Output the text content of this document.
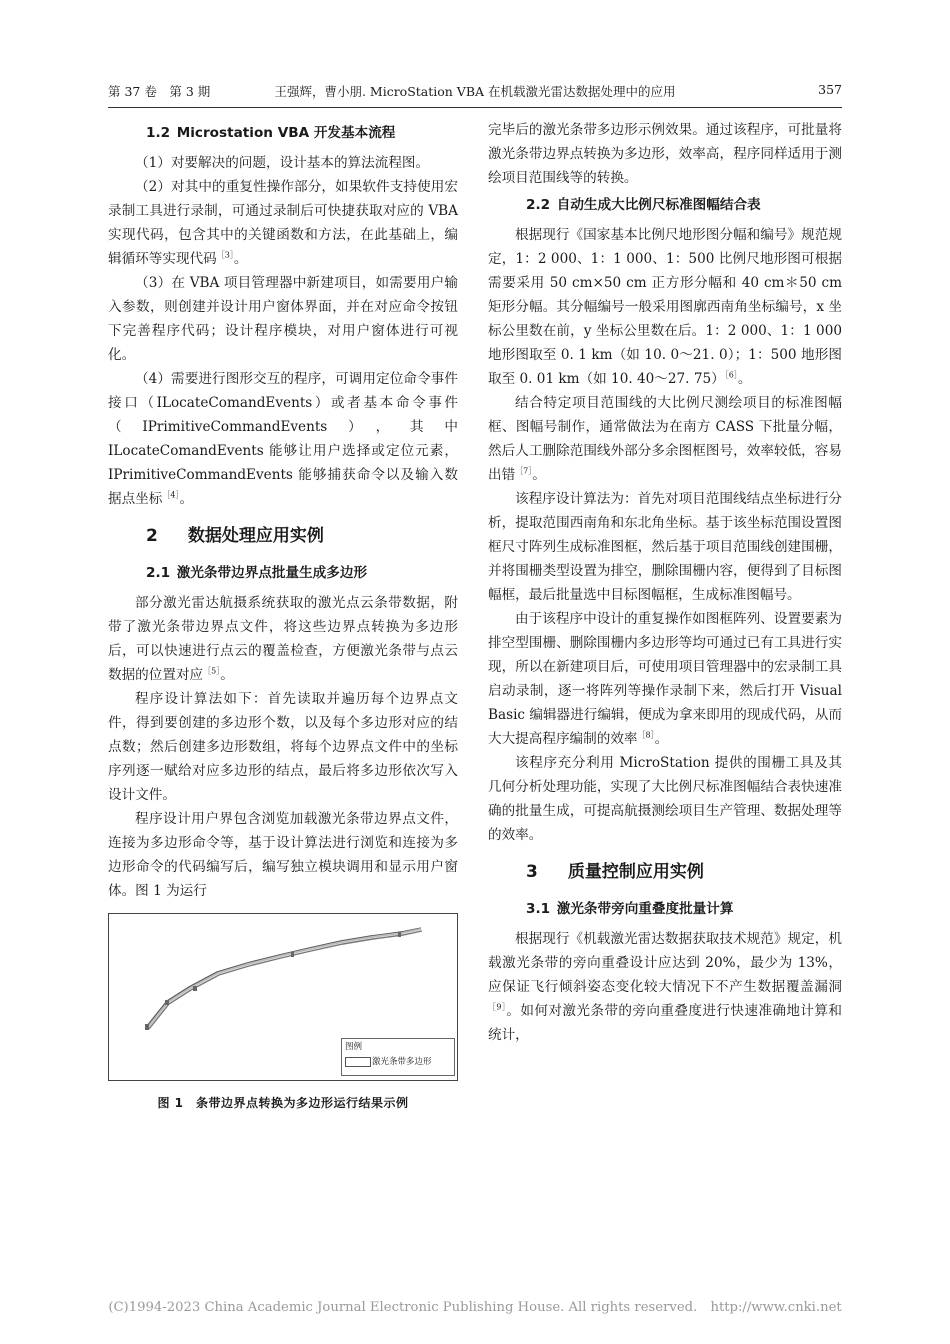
第 37 卷　第 3 期	王强辉，曹小朋. MicroStation VBA 在机载激光雷达数据处理中的应用	357
1.2 Microstation VBA 开发基本流程

（1）对要解决的问题，设计基本的算法流程图。

（2）对其中的重复性操作部分，如果软件支持使用宏录制工具进行录制，可通过录制后可快捷获取对应的 VBA 实现代码，包含其中的关键函数和方法，在此基础上，编辑循环等实现代码$^{[3]}$。

（3）在 VBA 项目管理器中新建项目，如需要用户输入参数，则创建并设计用户窗体界面，并在对应命令按钮下完善程序代码；设计程序模块，对用户窗体进行可视化。

（4）需要进行图形交互的程序，可调用定位命令事件接口（ILocateComandEvents）或者基本命令事件（IPrimitiveCommandEvents），其中 ILocateComandEvents 能够让用户选择或定位元素，IPrimitiveCommandEvents 能够捕获命令以及输入数据点坐标$^{[4]}$。

2 数据处理应用实例
2.1 激光条带边界点批量生成多边形

部分激光雷达航摄系统获取的激光点云条带数据，附带了激光条带边界点文件，将这些边界点转换为多边形后，可以快速进行点云的覆盖检查，方便激光条带与点云数据的位置对应$^{[5]}$。

程序设计算法如下：首先读取并遍历每个边界点文件，得到要创建的多边形个数，以及每个多边形对应的结点数；然后创建多边形数组，将每个边界点文件中的坐标序列逐一赋给对应多边形的结点，最后将多边形依次写入设计文件。

程序设计用户界包含浏览加载激光条带边界点文件，连接为多边形命令等，基于设计算法进行浏览和连接为多边形命令的代码编写后，编写独立模块调用和显示用户窗体。图 1 为运行

图例
激光条带多边形
图 1　条带边界点转换为多边形运行结果示例

完毕后的激光条带多边形示例效果。通过该程序，可批量将激光条带边界点转换为多边形，效率高，程序同样适用于测绘项目范围线等的转换。

2.2 自动生成大比例尺标准图幅结合表

根据现行《国家基本比例尺地形图分幅和编号》规范规定，1：2 000、1：1 000、1：500 比例尺地形图可根据需要采用 50 cm×50 cm 正方形分幅和 40 cm＊50 cm 矩形分幅。其分幅编号一般采用图廓西南角坐标编号，x 坐标公里数在前，y 坐标公里数在后。1：2 000、1：1 000 地形图取至 0. 1 km（如 10. 0～21. 0）；1：500 地形图取至 0. 01 km（如 10. 40～27. 75）$^{[6]}$。

结合特定项目范围线的大比例尺测绘项目的标准图幅框、图幅号制作，通常做法为在南方 CASS 下批量分幅，然后人工删除范围线外部分多余图框图号，效率较低，容易出错$^{[7]}$。

该程序设计算法为：首先对项目范围线结点坐标进行分析，提取范围西南角和东北角坐标。基于该坐标范围设置图框尺寸阵列生成标准图框，然后基于项目范围线创建围栅，并将围栅类型设置为排空，删除围栅内容，便得到了目标图幅框，最后批量选中目标图幅框，生成标准图幅号。

由于该程序中设计的重复操作如图框阵列、设置要素为排空型围栅、删除围栅内多边形等均可通过已有工具进行实现，所以在新建项目后，可使用项目管理器中的宏录制工具启动录制，逐一将阵列等操作录制下来，然后打开 Visual Basic 编辑器进行编辑，便成为拿来即用的现成代码，从而大大提高程序编制的效率$^{[8]}$。

该程序充分利用 MicroStation 提供的围栅工具及其几何分析处理功能，实现了大比例尺标准图幅结合表快速准确的批量生成，可提高航摄测绘项目生产管理、数据处理等的效率。

3 质量控制应用实例
3.1 激光条带旁向重叠度批量计算

根据现行《机载激光雷达数据获取技术规范》规定，机载激光条带的旁向重叠设计应达到 20%，最少为 13%，应保证飞行倾斜姿态变化较大情况下不产生数据覆盖漏洞$^{[9]}$。如何对激光条带的旁向重叠度进行快速准确地计算和统计，

(C)1994-2023 China Academic Journal Electronic Publishing House. All rights reserved.　http://www.cnki.net
